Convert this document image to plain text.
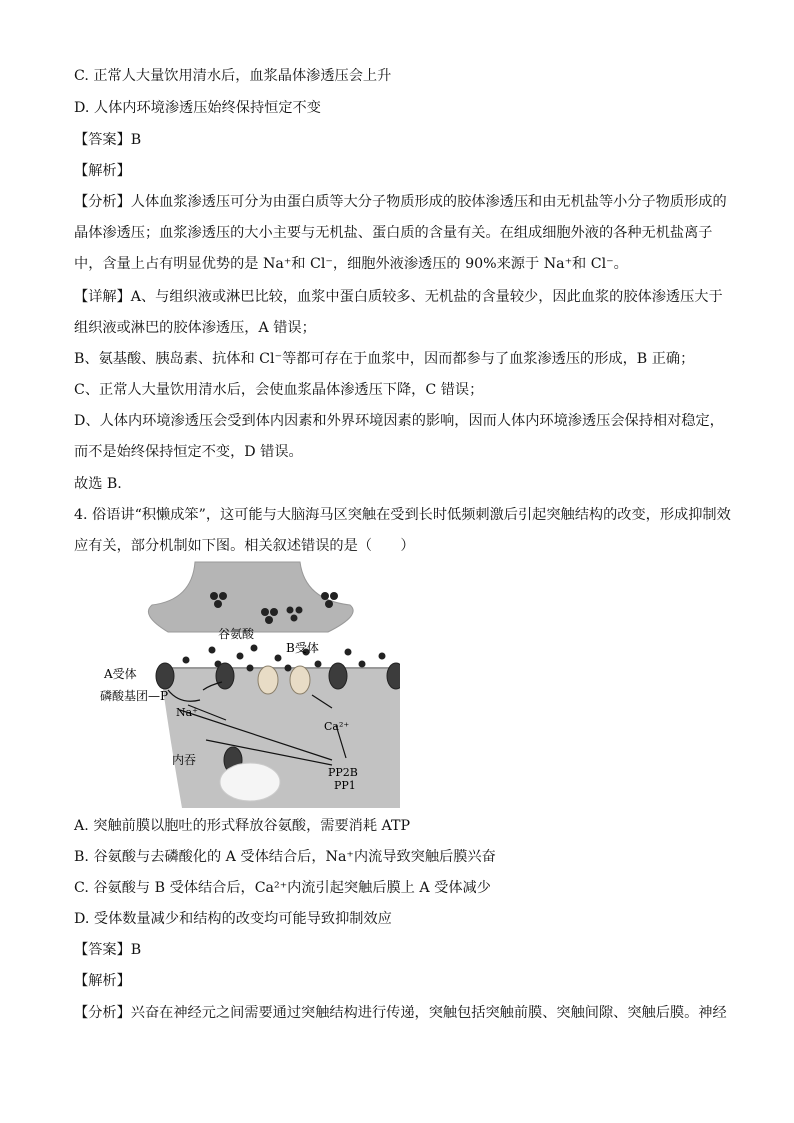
C. 正常人大量饮用清水后，血浆晶体渗透压会上升
D. 人体内环境渗透压始终保持恒定不变
【答案】B
【解析】
【分析】人体血浆渗透压可分为由蛋白质等大分子物质形成的胶体渗透压和由无机盐等小分子物质形成的
晶体渗透压；血浆渗透压的大小主要与无机盐、蛋白质的含量有关。在组成细胞外液的各种无机盐离子
中，含量上占有明显优势的是 Na⁺和 Cl⁻，细胞外液渗透压的 90%来源于 Na⁺和 Cl⁻。
【详解】A、与组织液或淋巴比较，血浆中蛋白质较多、无机盐的含量较少，因此血浆的胶体渗透压大于
组织液或淋巴的胶体渗透压，A 错误；
B、氨基酸、胰岛素、抗体和 Cl⁻等都可存在于血浆中，因而都参与了血浆渗透压的形成，B 正确；
C、正常人大量饮用清水后，会使血浆晶体渗透压下降，C 错误；
D、人体内环境渗透压会受到体内因素和外界环境因素的影响，因而人体内环境渗透压会保持相对稳定，
而不是始终保持恒定不变，D 错误。
故选 B.
4. 俗语讲“积懒成笨”，这可能与大脑海马区突触在受到长时低频刺激后引起突触结构的改变，形成抑制效
应有关，部分机制如下图。相关叙述错误的是（　　）
谷氨酸
B受体
A受体
磷酸基团—P
Na⁺
Ca²⁺
内吞
PP2B
PP1
A. 突触前膜以胞吐的形式释放谷氨酸，需要消耗 ATP
B. 谷氨酸与去磷酸化的 A 受体结合后，Na⁺内流导致突触后膜兴奋
C. 谷氨酸与 B 受体结合后，Ca²⁺内流引起突触后膜上 A 受体减少
D. 受体数量减少和结构的改变均可能导致抑制效应
【答案】B
【解析】
【分析】兴奋在神经元之间需要通过突触结构进行传递，突触包括突触前膜、突触间隙、突触后膜。神经
